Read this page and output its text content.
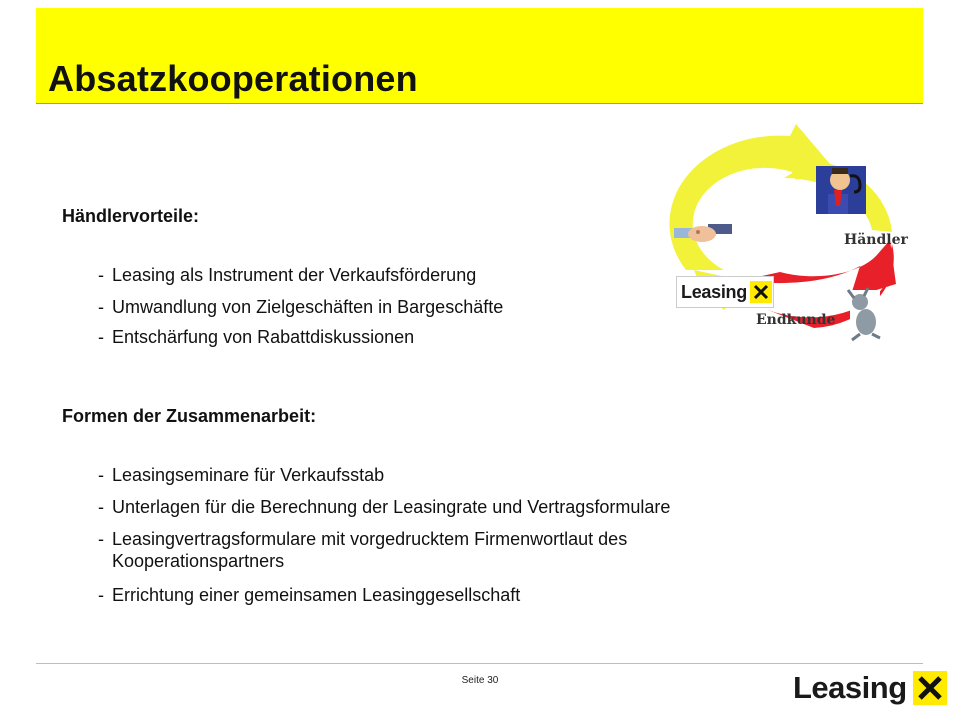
Absatzkooperationen
Händlervorteile:
- Leasing als Instrument der Verkaufsförderung
- Umwandlung von Zielgeschäften in Bargeschäfte
- Entschärfung von Rabattdiskussionen
Formen der Zusammenarbeit:
- Leasingseminare für Verkaufsstab
- Unterlagen für die Berechnung der Leasingrate und Vertragsformulare
- Leasingvertragsformulare mit vorgedrucktem Firmenwortlaut des
Kooperationspartners
- Errichtung einer gemeinsamen Leasinggesellschaft
Händler
Endkunde
Leasing
Seite 30	Leasing
